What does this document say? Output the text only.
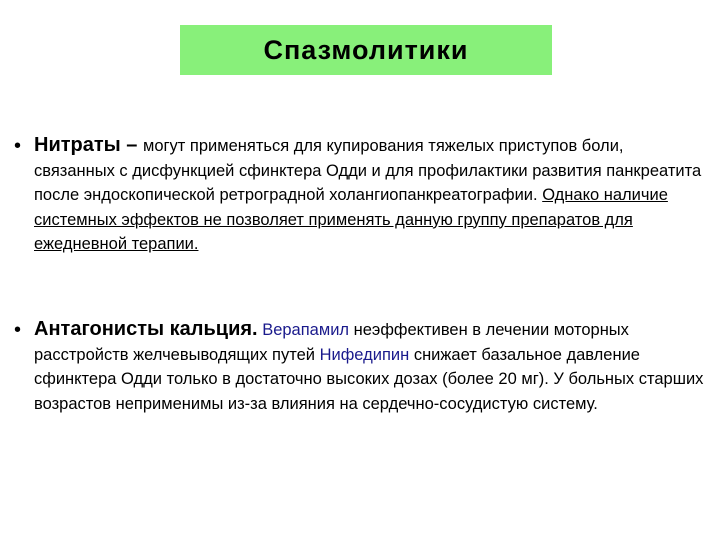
Спазмолитики
• Нитраты – могут применяться для купирования тяжелых приступов боли, связанных с дисфункцией сфинктера Одди и для профилактики развития панкреатита после эндоскопической ретроградной холангиопанкреатографии. Однако наличие системных эффектов не позволяет применять данную группу препаратов для ежедневной терапии.
• Антагонисты кальция. Верапамил неэффективен в лечении моторных расстройств желчевыводящих путей Нифедипин снижает базальное давление сфинктера Одди только в достаточно высоких дозах (более 20 мг). У больных старших возрастов неприменимы из-за влияния на сердечно-сосудистую систему.
